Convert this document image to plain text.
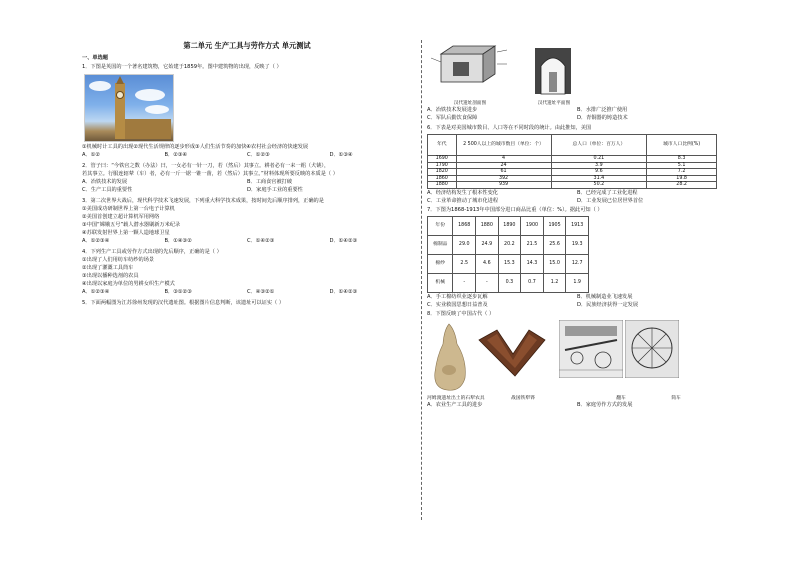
第二单元 生产工具与劳作方式 单元测试
一、单选题
1．下图是英国的一个著名建筑物，它始建于1859年。图中建筑物的出现，反映了（ ）
①机械时计工具的出现②现代生活规律的逐步形成③人们生活节奏的加快④农村社会经济的快速发展
A．①②	B．②③④	C．①②③	D．①③④
2．管子曰：“今铁官之数（办法）曰，一女必有一针一刀，若（然后）其事立。耕者必有一耒一耜（犬铫），
若其事立。行服连轺辇（车）者，必有一斤一锯一锥一凿，若（然后）其事立。”材料体现所要反映的本质是（ ）
A．冶铁技术的发展	B．工商食官被打破
C．生产工具的重要性	D．家庭手工业的重要性
3．第二次世界大战后，现代科学技术飞速发展，下列重大科学技术成果，按时间先后顺序排列，正确的是
①美国成功研制世界上第一台电子计算机
②美国首创建立超计算机军用网络
③中国“嫦娥五号”载人潜水器刷新万米纪录
④苏联发射世界上第一颗人造地球卫星
A．①②③④	B．①④③②	C．①④②③	D．①④②③
4．下列生产工具或劳作方式出现的先后顺序，正确的是（ ）
①出现了人们用纺车纺纱的场景
②出现了灌溉工具筒车
③出现以播种选剂的农具
④出现以家庭为单位的男耕女织生产模式
A．①②③④	B．③①②③	C．④③②①	D．①④②③
5．下面两幅图为江苏徐州发现的汉代遗址图。根据图片信息判断，该遗址可以证实（ ）
汉代遗址剖面图	汉代遗址平面图
A．冶铁技术发展进步	B．水排广泛推广使用
C．军队后勤饮食保障	D．青铜器的铸造技术
6．下表是对美国城市数目、人口等在不同时段的统计。由此推知，美国
年代	2 500人以上的城市数目（单位：个）	总人口（单位：百万人）	城市人口比例(%)
1690	4	0.21	8.3
1790	24	3.9	5.1
1820	61	9.6	7.2
1860	392	31.4	19.8
1880	939	50.2	28.2
A．经济结构发生了根本性变化	B．已经完成了工业化进程
C．工业革命推动了城市化进程	D．工业发展已位居世界首位
7．下图为1868-1913年中国部分进口商品比重（单位：%）。据此可知（ ）
年份	1868	1880	1890	1900	1905	1913
棉制品	29.0	24.9	20.2	21.5	25.6	19.3
棉纱	2.5	4.6	15.3	14.3	15.0	12.7
机械	-	-	0.3	0.7	1.2	1.9
A．手工棉纺织业逐步瓦解	B．机械制造业飞速发展
C．实业救国思想日益普及	D．民族经济获得一定发展
8．下图反映了中国古代（ ）
河姆渡遗址出土的石犁农具	战国铁犁铧	翻车	筒车
A．农业生产工具的进步	B．家庭劳作方式的发展
